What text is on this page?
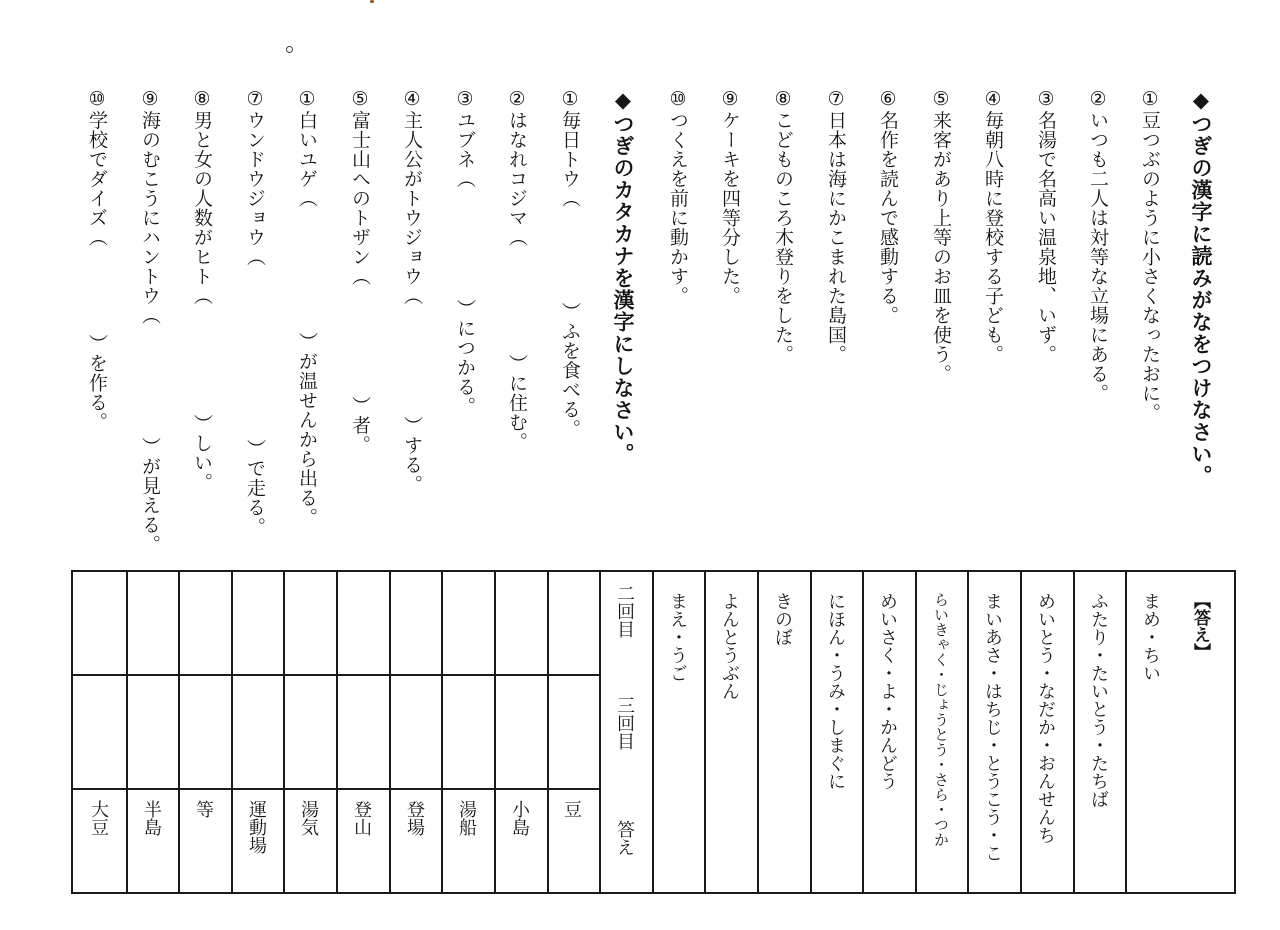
◆つぎの漢字に読みがなをつけなさい。
①豆つぶのように小さくなったおに。
②いつも二人は対等な立場にある。
③名湯で名高い温泉地、いず。
④毎朝八時に登校する子ども。
⑤来客があり上等のお皿を使う。
⑥名作を読んで感動する。
⑦日本は海にかこまれた島国。
⑧こどものころ木登りをした。
⑨ケーキを四等分した。
⑩つくえを前に動かす。
◆つぎのカタカナを漢字にしなさい。
①毎日トウ（
）ふを食べる。
②はなれコジマ（
）に住む。
③ユブネ（
）につかる。
④主人公がトウジョウ（
）する。
⑤富士山へのトザン（
）者。
①白いユゲ（
）が温せんから出る。
⑦ウンドウジョウ（
）で走る。
⑧男と女の人数がヒト（
）しい。
⑨海のむこうにハントウ（
）が見える。
⑩学校でダイズ（
）を作る。
【答え】
まめ・ちい
ふたり・たいとう・たちば
めいとう・なだか・おんせんち
まいあさ・はちじ・とうこう・こ
らいきゃく・じょうとう・さら・つか
めいさく・よ・かんどう
にほん・うみ・しまぐに
きのぼ
よんとうぶん
まえ・うご
二回目
三回目
答え
豆
小島
湯船
登場
登山
湯気
運動場
等
半島
大豆
